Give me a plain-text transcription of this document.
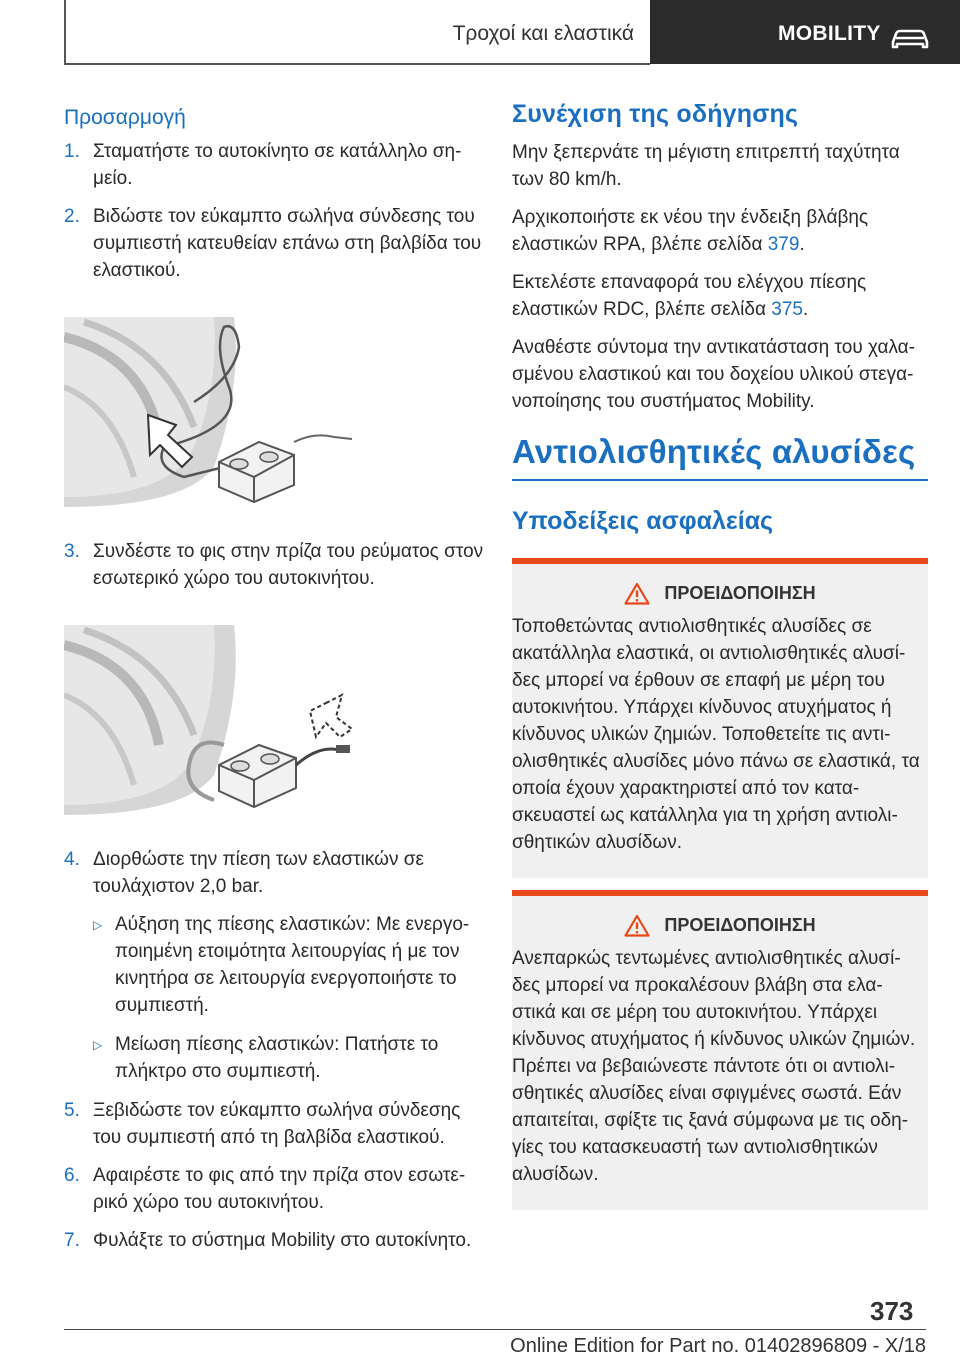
Τροχοί και ελαστικά	MOBILITY
Προσαρμογή
1. Σταματήστε το αυτοκίνητο σε κατάλληλο ση‐ μείο.
2. Βιδώστε τον εύκαμπτο σωλήνα σύνδεσης του συμπιεστή κατευθείαν επάνω στη βαλβίδα του ελαστικού.
3. Συνδέστε το φις στην πρίζα του ρεύματος στον εσωτερικό χώρο του αυτοκινήτου.
4. Διορθώστε την πίεση των ελαστικών σε τουλάχιστον 2,0 bar.
▷ Αύξηση της πίεσης ελαστικών: Με ενεργο‐ ποιημένη ετοιμότητα λειτουργίας ή με τον κινητήρα σε λειτουργία ενεργοποιήστε το συμπιεστή.
▷ Μείωση πίεσης ελαστικών: Πατήστε το πλήκτρο στο συμπιεστή.
5. Ξεβιδώστε τον εύκαμπτο σωλήνα σύνδεσης του συμπιεστή από τη βαλβίδα ελαστικού.
6. Αφαιρέστε το φις από την πρίζα στον εσωτε‐ ρικό χώρο του αυτοκινήτου.
7. Φυλάξτε το σύστημα Mobility στο αυτοκίνητο.
Συνέχιση της οδήγησης
Μην ξεπερνάτε τη μέγιστη επιτρεπτή ταχύτητα των 80 km/h.
Αρχικοποιήστε εκ νέου την ένδειξη βλάβης ελαστικών RPA, βλέπε σελίδα 379.
Εκτελέστε επαναφορά του ελέγχου πίεσης ελαστικών RDC, βλέπε σελίδα 375.
Αναθέστε σύντομα την αντικατάσταση του χαλα‐ σμένου ελαστικού και του δοχείου υλικού στεγα‐ νοποίησης του συστήματος Mobility.
Αντιολισθητικές αλυσίδες
Υποδείξεις ασφαλείας
ΠΡΟΕΙΔΟΠΟΙΗΣΗ
Τοποθετώντας αντιολισθητικές αλυσίδες σε ακατάλληλα ελαστικά, οι αντιολισθητικές αλυσί‐ δες μπορεί να έρθουν σε επαφή με μέρη του αυτοκινήτου. Υπάρχει κίνδυνος ατυχήματος ή κίνδυνος υλικών ζημιών. Τοποθετείτε τις αντι‐ ολισθητικές αλυσίδες μόνο πάνω σε ελαστικά, τα οποία έχουν χαρακτηριστεί από τον κατα‐ σκευαστεί ως κατάλληλα για τη χρήση αντιολι‐ σθητικών αλυσίδων.
ΠΡΟΕΙΔΟΠΟΙΗΣΗ
Ανεπαρκώς τεντωμένες αντιολισθητικές αλυσί‐ δες μπορεί να προκαλέσουν βλάβη στα ελα‐ στικά και σε μέρη του αυτοκινήτου. Υπάρχει κίνδυνος ατυχήματος ή κίνδυνος υλικών ζημιών. Πρέπει να βεβαιώνεστε πάντοτε ότι οι αντιολι‐ σθητικές αλυσίδες είναι σφιγμένες σωστά. Εάν απαιτείται, σφίξτε τις ξανά σύμφωνα με τις οδη‐ γίες του κατασκευαστή των αντιολισθητικών αλυσίδων.
373
Online Edition for Part no. 01402896809 - X/18
